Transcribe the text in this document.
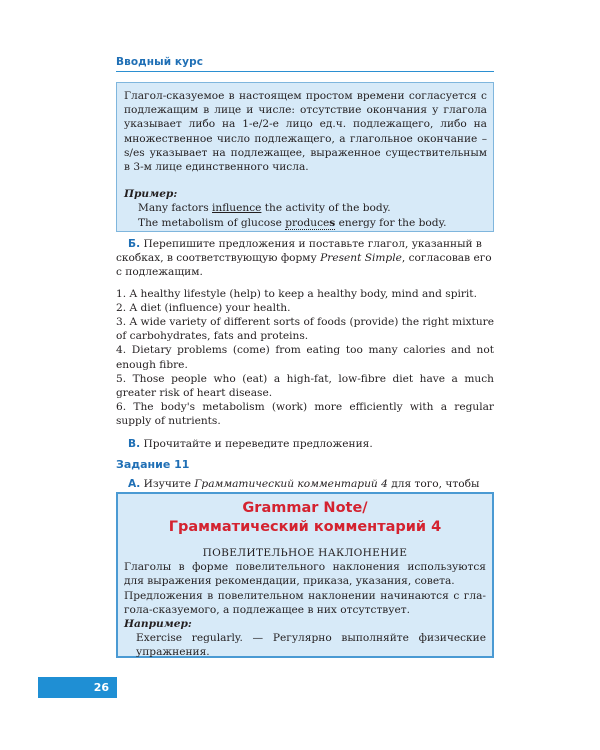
Вводный курс

Глагол-сказуемое в настоящем простом времени согласуется с подлежащим в лице и числе: отсутствие окончания у глагола указывает либо на 1-е/2-е лицо ед.ч. подлежащего, либо на множественное число подлежащего, а глагольное окончание –s/es указывает на подлежащее, выраженное существительным в 3-м лице единственного числа.

Пример:
Many factors influence the activity of the body.
The metabolism of glucose produces energy for the body.

Б. Перепишите предложения и поставьте глагол, указанный в скобках, в соответствующую форму Present Simple, согласовав его с подлежащим.

1. A healthy lifestyle (help) to keep a healthy body, mind and spirit.
2. A diet (influence) your health.
3. A wide variety of different sorts of foods (provide) the right mixture of carbohydrates, fats and proteins.
4. Dietary problems (come) from eating too many calories and not enough fibre.
5. Those people who (eat) a high-fat, low-fibre diet have a much greater risk of heart disease.
6. The body's metabolism (work) more efficiently with a regular supply of nutrients.

В. Прочитайте и переведите предложения.

Задание 11

А. Изучите Грамматический комментарий 4 для того, чтобы

Grammar Note/
Грамматический комментарий 4
ПОВЕЛИТЕЛЬНОЕ НАКЛОНЕНИЕ
Глаголы в форме повелительного наклонения используются для выражения рекомендации, приказа, указания, совета.
Предложения в повелительном наклонении начинаются с глагола-сказуемого, а подлежащее в них отсутствует.
Например:
Exercise regularly. — Регулярно выполняйте физические упражнения.
26
